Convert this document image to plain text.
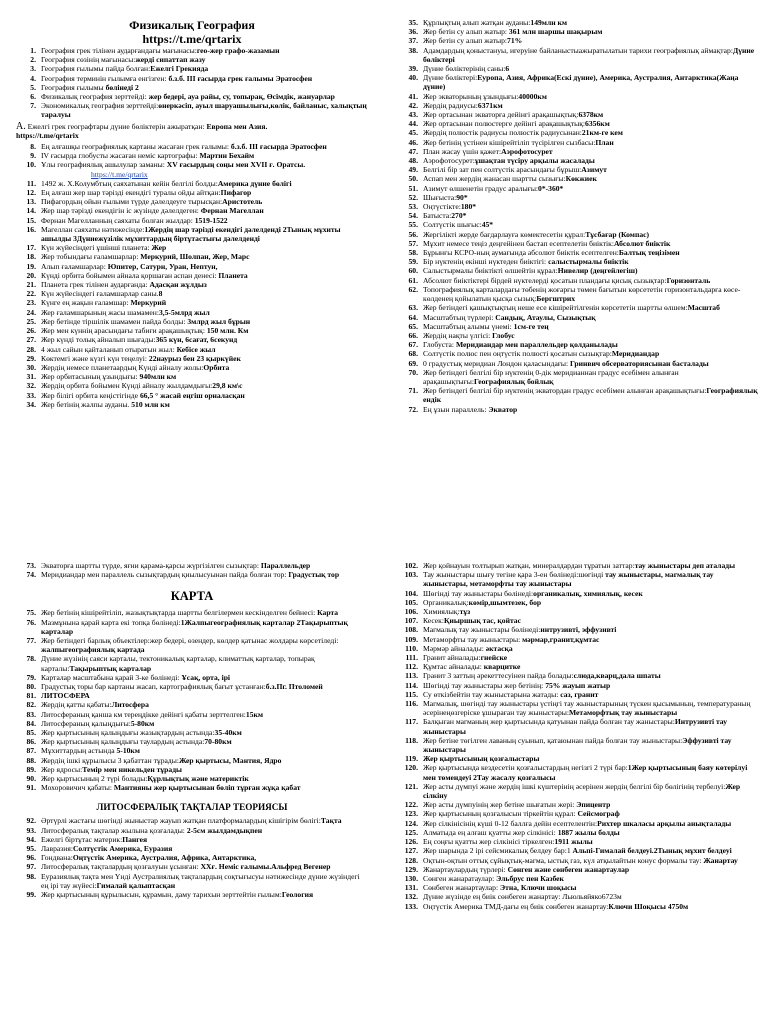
Физикалық География
https://t.me/qrtarix
1. География грек тілінен аударғандағы мағынасы:гео-жер графо-жазамын
2. География сөзінің мағынасы:жерді сипаттап жазу
3. География ғылымы пайда болған:Ежелгі Грекияда
4. География терминін ғылымға енгізген: б.з.б. ІІІ ғасырда грек ғалымы Эратосфен
5. География ғылымы бөлінеді 2
6. Физикалық география зерттейді: жер бедері, ауа райы, су, топырақ, Өсімдік, жануарлар
7. Экономикалық география зерттейді:өнеркәсіп, ауыл шаруашылығы,көлік, байланыс, халықтың таралуы
A. Ежелгі грек географтары дүние бөліктерін ажыратқан: Европа мен Азия.
https://t.me/qrtarix
8. Ең алғашқы географиялық картаны жасаған грек ғалымы: б.з.б. ІІІ ғасырда Эратосфен
9. IV ғасырда глобусты жасаған неміс картографы: Мартин Бехайм
10. Ұлы географиялық ашылулар заманы: XV ғасырдың соңы мен XVII ғ. Оратсы.
https://t.me/qrtarix
11. 1492 ж. Х.Колумбтың саяхатынан кейін белгілі болды:Америка дүние бөлігі
12. Ең алғаш жер шар тәрізді екендігі туралы ойды айтқан:Пифагор
13. Пифагордың ойын ғылыми түрде дәлелдеуге тырысқан:Аристотель
14. Жер шар тәрізді екендігін іс жүзінде дәлелдеген: Фернан Магеллан
15. Фернан Магелланның саяхаты болған жылдар: 1519-1522
16. Магеллан саяхаты нәтижесінде:1Жердің шар тәрізді екендігі дәлелденді 2Тынық мұхиты ашылды 3Дүниежүзілік мұхиттардың біртұтастығы дәлелденді
17. Күн жүйесіндегі ұшінші планета: Жер
18. Жер тобындағы ғаламшарлар: Меркурий, Шолпан, Жер, Марс
19. Алып ғаламшарлар: Юпитер, Сатурн, Уран, Нептун,
20. Күнді орбита бойымен айнала қоршаған аспан денесі: Планета
21. Планета грек тілінен аударғанда: Адасқан жұлдыз
22. Күн жүйесіндегі ғаламшарлар саны.8
23. Күнге ең жақын ғаламшар: Меркурий
24. Жер ғаламшарының жасы шамамен:3,5-5млрд жыл
25. Жер бетінде тіршілік шамамен пайда болды: 3млрд жыл бұрын
26. Жер мен күннің арасындағы табиғи арақашықтық: 150 млн. Км
27. Жер күнді толық айналып шығады:365 күн, 6сағат, 6секунд
28. 4 жыл сайын қайталанып отыратын жыл: Кебісе жыл
29. Көктемгі және күзгі күн теңелуі: 22наурыз бен 23 қыркүйек
30. Жердің немесе планетаардың Күнді айналу жолы:Орбита
31. Жер орбитасының ұзындығы: 940млн км
32. Жердің орбита бойымен Күнді айналу жылдамдығы:29,8 км\с
33. Жер білігі орбита кеңістігінде 66,5 ° жасай еңгіш орналасқан
34. Жер бетінің жалпы ауданы. 510 млн км
35. Құрлықтың алып жатқан ауданы:149млн км
36. Жер бетін су алып жатыр: 361 млн шаршы шақырым
37. Жер бетін су алып жатыр:71%
38. Адамдардың қоныстануы, игеруіне байланыстыажыратылатын тарихи географиялық аймақтар:Дүние бөліктері
39. Дүние бөліктерінің саны:6
40. Дүние бөліктері:Еуропа, Азия, Африка(Ескі дүние), Америка, Аустралия, Антарктика(Жаңа дүние)
41. Жер экваторының ұзындығы:40000км
42. Жердің радиусы:6371км
43. Жер ортасынан экваторға дейінгі арақашықтық:6378км
44. Жер ортасынан полюстерге дейінгі арақашықтық:6356км
45. Жердің полюстік радиусы полюстік радиусынан:21км-ге кем
46. Жер бетінің үстінен кішірейтіліп түсірілген сызбасы:План
47. План жасау үшін қажет:Аэрофотосурет
48. Аэрофотосурет:ұшақтан түсіру арқылы жасалады
49. Белгілі бір зат пен солтүстік арасындағы бұрыш:Азимут
50. Аспап мен жердің жанасан шартты сызығы:Көкжиек
51. Азимут өлшенетін градус аралығы:0*-360*
52. Шығыста:90*
53. Оңтүстікте:180*
54. Батыста:270*
55. Солтүстік шығыс:45*
56. Жергілікті жерде бағдарлауға көмектесетін құрал:Тұсбағар (Компас)
57. Мұхит немесе теңіз деңгейінен бастап есептелетін биіктік:Абсолют биіктік
58. Бұрынғы КСРО-ның аумағында абсолют биіктік есептелген:Балтық теңізімен
59. Бір нүктенің екінші нүктеден биіктігі: салыстырмалы биіктік
60. Салыстырмалы биіктікті өлшейтін құрал:Нивелир (деңгейлегіш)
61. Абсолют биіктіктері бірдей нүктелерді қосатын пландағы қисық сызықтар:Горизонталь
62. Топографиялық карталардағы төбенің жоғарғы төмен бағытын көрсететін горизонтальдарға көсе-көлденең қойылатын қысқа сызық:Бергштрих
63. Жер бетіндегі қашықтықтың неше есе кішірейтілгенін көрсететін шартты өлшем:Масштаб
64. Масштабтың түрлері: Сандық, Атаулы, Сызықтық
65. Масштабтың алымы үнемі: 1см-ге тең
66. Жердің нақты үлгісі: Глобус
67. Глобуста: Меридиандар мен параллельдер қолданылады
68. Солтүстік полюс пен оңтүстік полюсті қосатын сызықтар:Меридиандар
69. 0 градустық меридиан Лондон қаласындағы: Гринвич обсерваториясынан басталады
70. Жер бетіндегі белгілі бір нүктенің 0-дік меридианнан градус есебімен алынған арақашықтығы:Географиялық бойлық
71. Жер бетіндегі белгілі бір нүктенің экватордан градус есебімен алынған арақашықтығы:Географиялық ендік
72. Ең ұзын параллель: Экватор
73. Экваторға шартты түрде, яғни қарама-қарсы жүргізілген сызықтар: Параллельдер
74. Меридиандар мен параллель сызықтардың қиылысуынан пайда болған тор: Градустық тор
КАРТА
75. Жер бетінің кішірейтіліп, жазықтықтарда шартты белгілермен кескінделген бейнесі: Карта
76. Мазмұнына қарай карта екі топқа бөлінеді:1Жалпыгеографиялық карталар 2Тақырыптық карталар
77. Жер бетіндегі барлық объектілер:жер бедері, өзендер, көлдер қатынас жолдары көрсетіледі: жалпыгеографиялық картада
78. Дүние жүзінің саяси карталы, тектоникалық карталар, климаттық карталар, топырақ карталы:Тақырыптық карталар
79. Карталар масштабына қарай 3-ке бөлінеді: Ұсақ, орта, ірі
80. Градустық торы бар картаны жасап, картографиялық бағыт ұстанған:б.з.Пг. Птоломей
81. ЛИТОСФЕРА
82. Жердің қатты қабаты:Литосфера
83. Литосфераның қанша км тереңдікке дейінгі қабаты зерттелген:15км
84. Литосфераның қалыңдығы:5-80км
85. Жер қыртысының қалыңдығы жазықтардың астында:35-40км
86. Жер қыртысының қалыңдығы таулардың астында:70-80км
87. Мұхиттардың астында 5-10км
88. Жердің ішкі құрылысы 3 қабаттан тұрады:Жер қыртысы, Мантия, Ядро
89. Жер ядросы:Темір мен никельден тұрады
90. Жер қыртысының 2 түрі болады:Құрлықтық және материктік
91. Мохоровичич қабаты: Мантияны жер қыртысынан бөліп тұрған жұқа қабат
ЛИТОСФЕРАЛЫҚ ТАҚТАЛАР ТЕОРИЯСЫ
92. Әртүрлі жастағы шөгінді жыныстар жауып жатқан платформалардың кішігірім бөлігі:Тақта
93. Литосфералық тақталар жылына қозғалады: 2-5см жылдамдықпен
94. Ежелгі біртұтас материк:Пангея
95. Лавразия:Солтүстік Америка, Еуразия
96. Гондвана:Оңтүстік Америка, Аустралия, Африка, Антарктика,
97. Литосфералық тақталардың қозғалуын ұсынған: XXғ. Неміс ғалымы.Альфред Вегенер
98. Еуразиялық тақта мен Үнді Аустралиялық тақталардың соқтығысуы нәтижесінде дүние жүзіндегі ең ірі тау жүйесі:Гималай қалыптасқан
99. Жер қыртысының құрылысын, құрамын, даму тарихын зерттейтін ғылым:Геология
102. Жер қойнауын толтырып жатқан, минералдардан тұратын заттар:тау жыныстары деп аталады
103. Тау жыныстары шығу тегіне қара 3-ен бөлінеді:шөгінді тау жыныстары, магмалық тау жыныстары, метаморфты тау жыныстары
104. Шөгінді тау жыныстары бөлінеді:органикалық, химиялық, кесек
105. Органикалық:көмір,шымтезек, бор
106. Химиялық:тұз
107. Кесек:Қиыршық тас, қойтас
108. Магмалық тау жыныстары бөлінеді:интрузивті, эффузивті
109. Метаморфты тау жыныстары: мәрмар,гранит,құмтас
110. Мәрмәр айналады: әктасқа
111. Гранит айналады:гнейске
112. Құмтас айналады: кварцитке
113. Гранит 3 заттың әрекеттесуінен пайда болады:слюда,кварц,дала шпаты
114. Шөгінді тау жыныстары жер бетінің: 75% жауып жатыр
115. Су өткізбейтін тау жыныстарына жатады: саз, гранит
116. Магмалық, шөгінді тау жыныстары үстіңгі тау жыныстарының түскен қысымының, температураның әсерінеңөзгеріске ұшыраған тау жыныстары:Метаморфтық тау жыныстары
117. Балқыған магманың жер қыртысында қатуынан пайда болған тау жаныстары:Интрузивті тау жыныстары
118. Жер бетіне төгілген лаваның суынып, қатаюынан пайда болған тау жыныстары:Эффузивті тау жыныстары
119. Жер қыртысының қозғалыстары
120. Жер қыртысында кездесетін қозғалыстардың негізгі 2 түрі бар:1Жер қыртысының баяу көтерілуі мен төмендеуі 2Тау жасалу қозғалысы
121. Жер асты дүмпуі және жердің ішкі күштерінің әсерінен жердің белгілі бір бөлігінің тербелуі:Жер сілкіну
122. Жер асты дүмпуінің жер бетіне шығатын жері: Эпицентр
123. Жер қыртысының қозғалысын тіркейтін құрал: Сейсмограф
124. Жер сілкінісінің күші 0-12 баллға дейін есептелентін:Рихтер шкаласы арқылы анықталады
125. Алматыда ең алғаш қуатты жер сілкінісі: 1887 жылы болды
126. Ең соңғы қуатты жер сілкінісі тіркелген:1911 жылы
127. Жер шарында 2 ірі сейсмикалық белдеу бар:1 Альпі-Гималай белдеуі.2Тынық мұхит белдеуі
128. Оқтын-оқтын оттық сұйықтық-магма, ыстық газ, күл атқылайтын конус формалы тау: Жанартау
129. Жанартаулардың түрлері: Сөнген және сөнбеген жанартаулар
130. Сөнген жанаратаулар: Эльбрус пен Казбек
131. Сөнбеген жанартаулар: Этна, Ключи шоқысы
132. Дүние жүзінде ең биік сөнбеген жанартау: Льюльяйяко6723м
133. Оңтүстік Америка ТМД-дағы ең биік сөнбеген жанартау:Ключи Шоқысы 4750м
